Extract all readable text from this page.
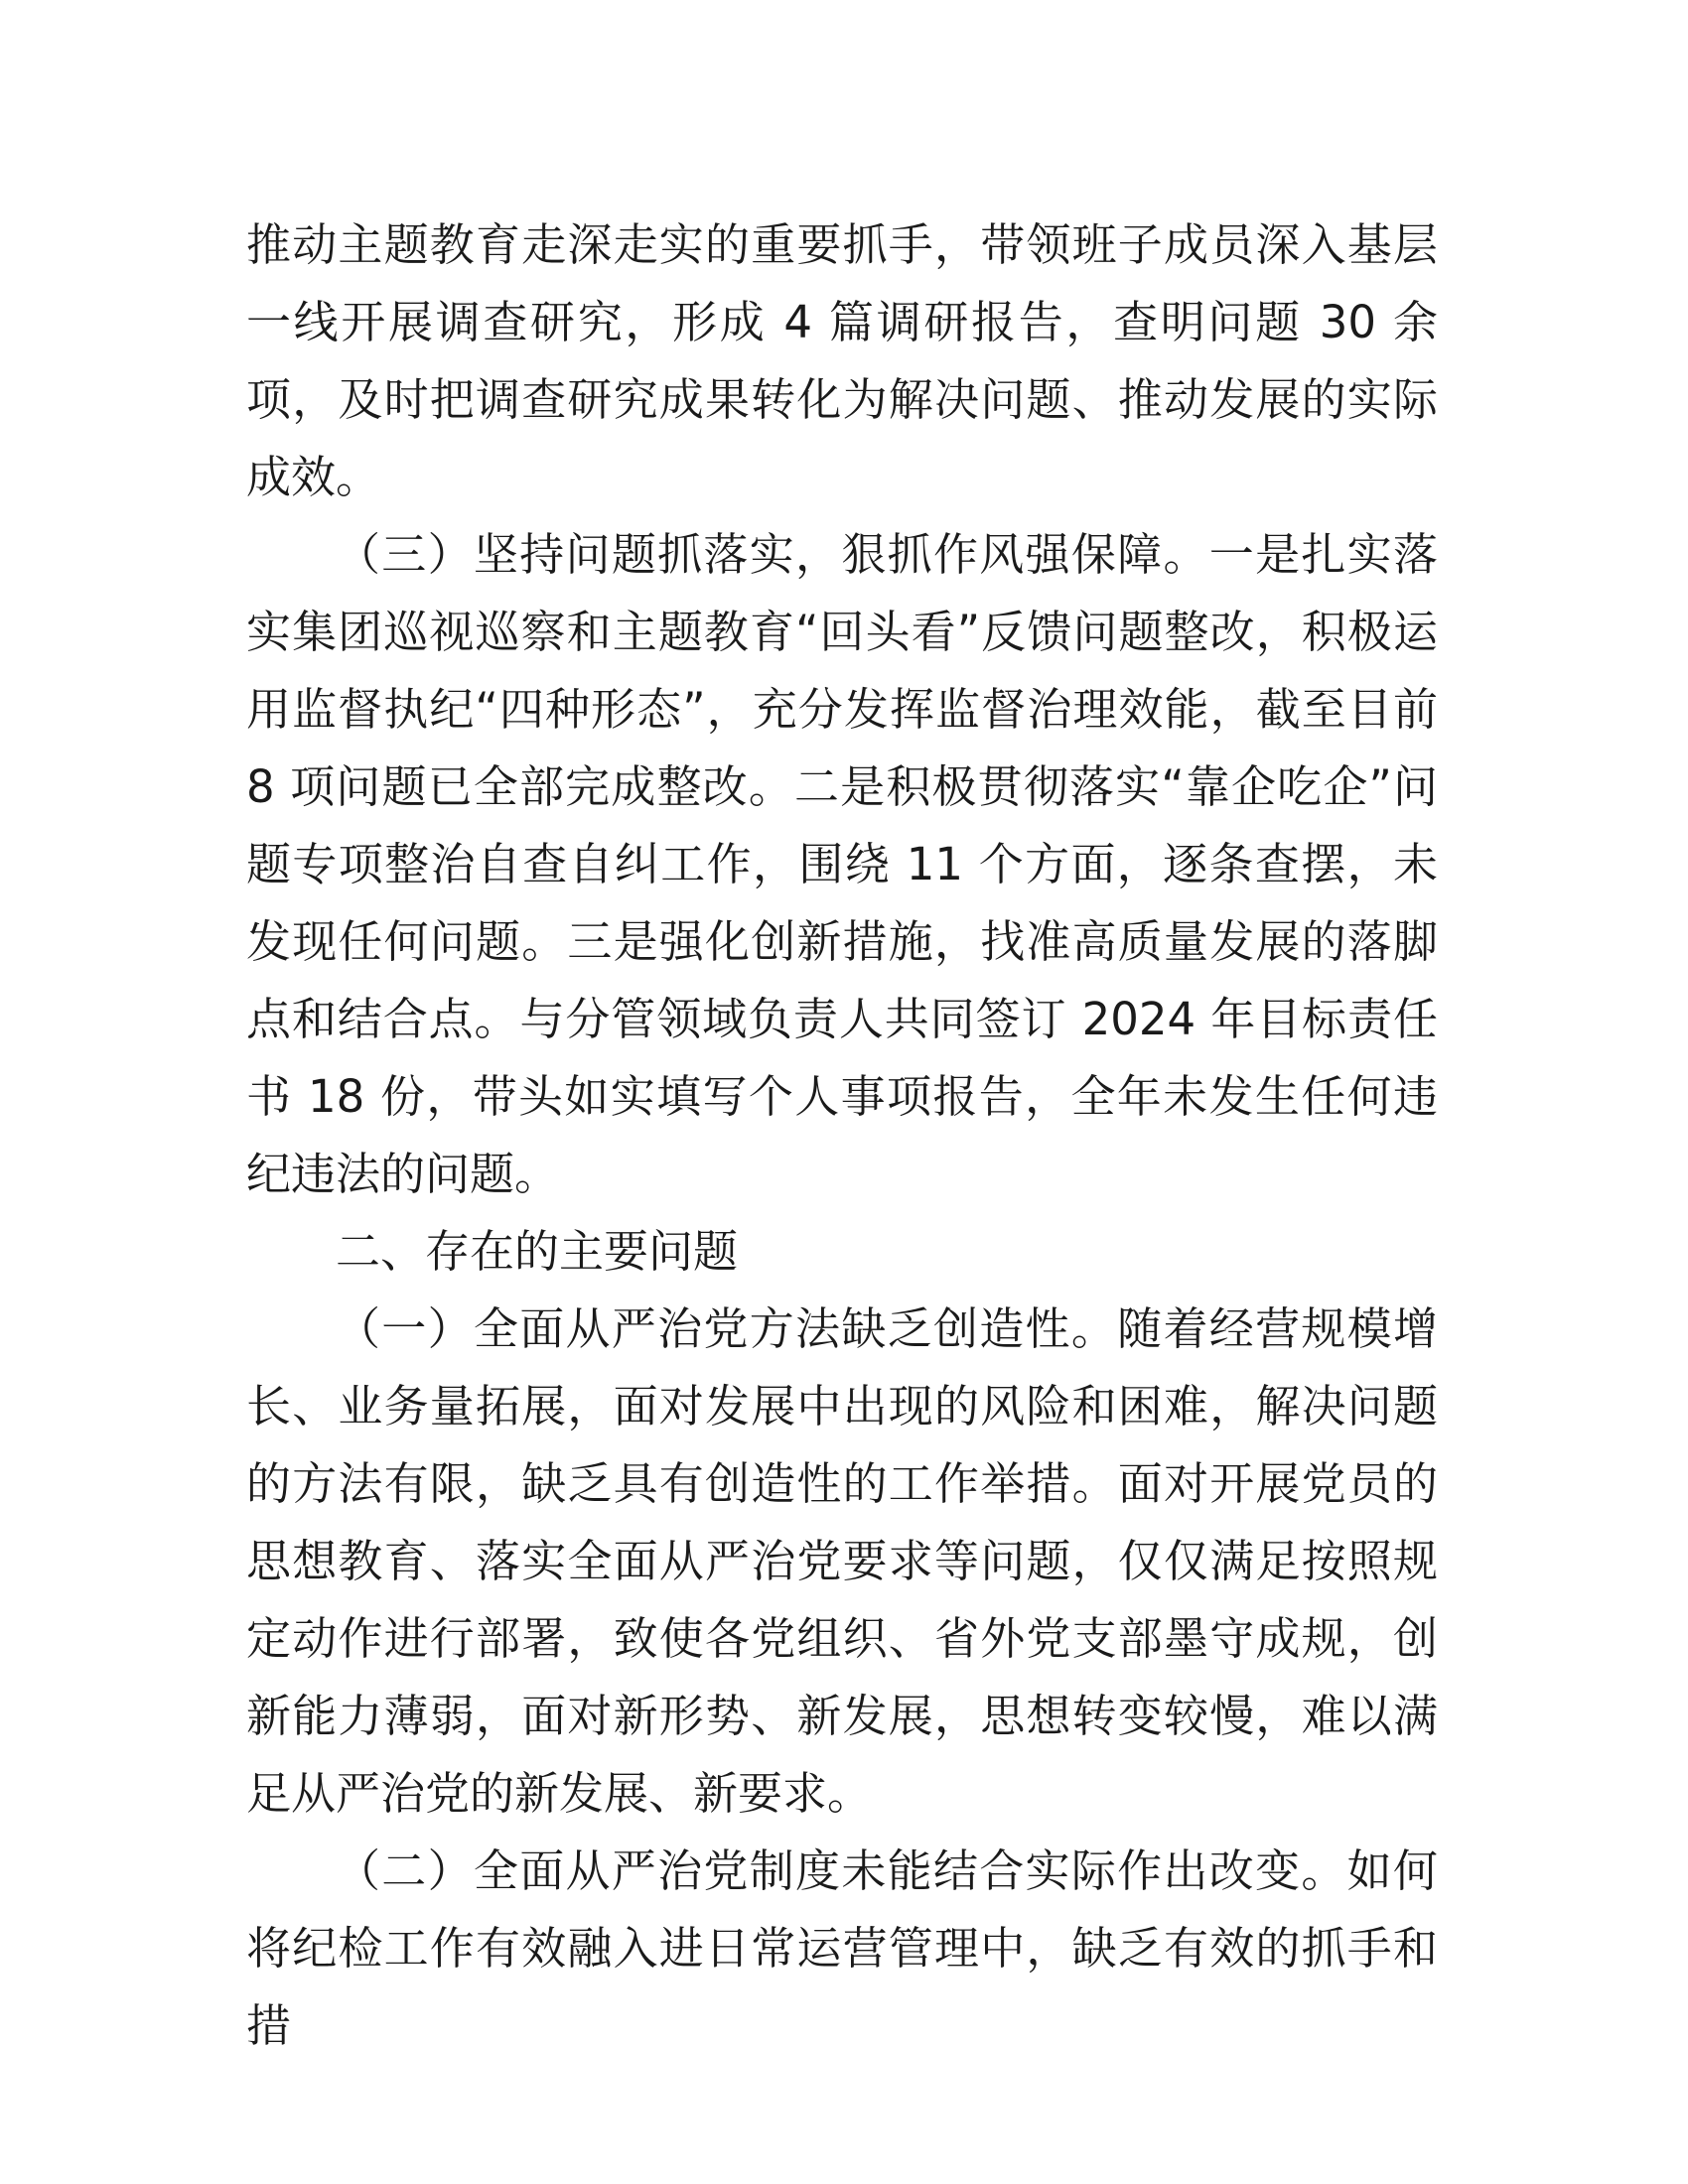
推动主题教育走深走实的重要抓手，带领班子成员深入基层一线开展调查研究，形成 4 篇调研报告，查明问题 30 余项，及时把调查研究成果转化为解决问题、推动发展的实际成效。

（三）坚持问题抓落实，狠抓作风强保障。一是扎实落实集团巡视巡察和主题教育“回头看”反馈问题整改，积极运用监督执纪“四种形态”，充分发挥监督治理效能，截至目前 8 项问题已全部完成整改。二是积极贯彻落实“靠企吃企”问题专项整治自查自纠工作，围绕 11 个方面，逐条查摆，未发现任何问题。三是强化创新措施，找准高质量发展的落脚点和结合点。与分管领域负责人共同签订 2024 年目标责任书 18 份，带头如实填写个人事项报告，全年未发生任何违纪违法的问题。

二、存在的主要问题

（一）全面从严治党方法缺乏创造性。随着经营规模增长、业务量拓展，面对发展中出现的风险和困难，解决问题的方法有限，缺乏具有创造性的工作举措。面对开展党员的思想教育、落实全面从严治党要求等问题，仅仅满足按照规定动作进行部署，致使各党组织、省外党支部墨守成规，创新能力薄弱，面对新形势、新发展，思想转变较慢，难以满足从严治党的新发展、新要求。

（二）全面从严治党制度未能结合实际作出改变。如何将纪检工作有效融入进日常运营管理中，缺乏有效的抓手和措
